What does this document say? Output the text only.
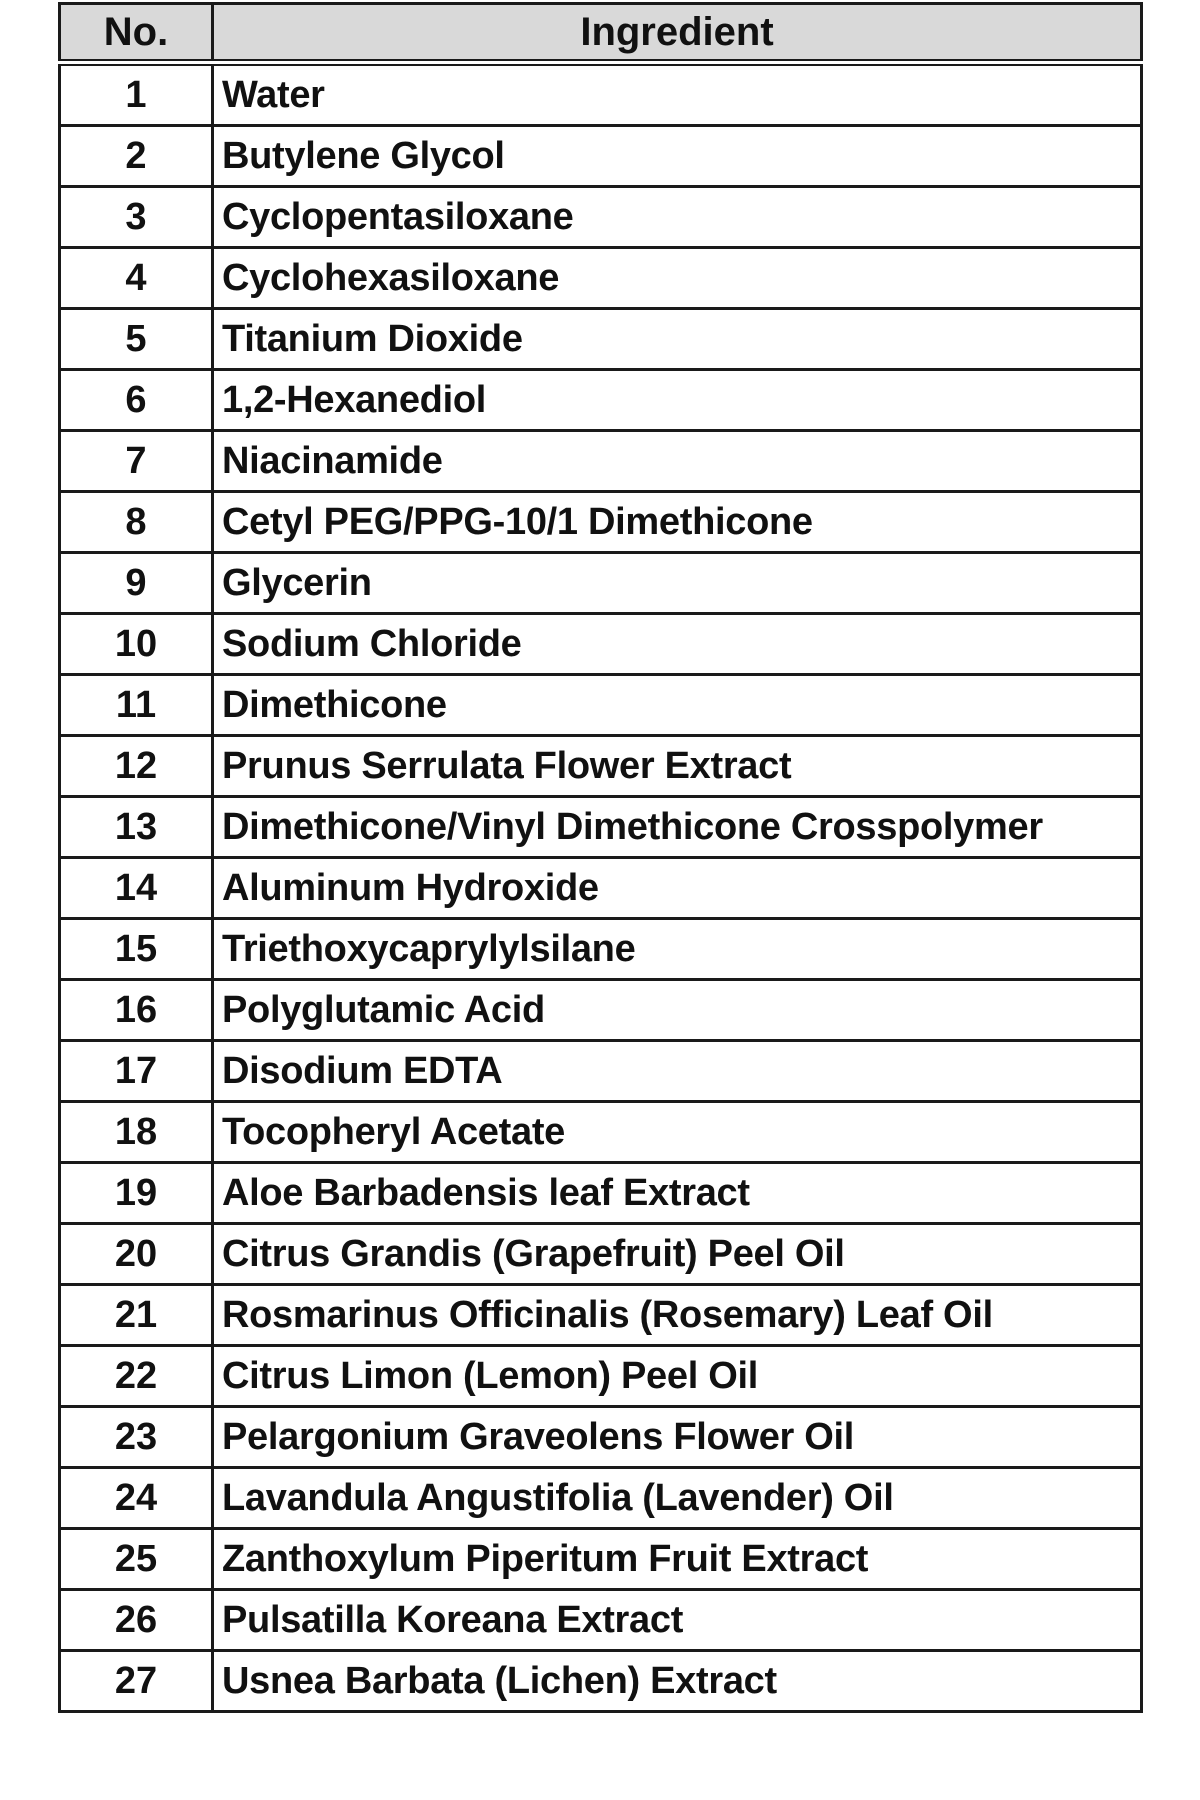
No.	Ingredient
1	Water
2	Butylene Glycol
3	Cyclopentasiloxane
4	Cyclohexasiloxane
5	Titanium Dioxide
6	1,2-Hexanediol
7	Niacinamide
8	Cetyl PEG/PPG-10/1 Dimethicone
9	Glycerin
10	Sodium Chloride
11	Dimethicone
12	Prunus Serrulata Flower Extract
13	Dimethicone/Vinyl Dimethicone Crosspolymer
14	Aluminum Hydroxide
15	Triethoxycaprylylsilane
16	Polyglutamic Acid
17	Disodium EDTA
18	Tocopheryl Acetate
19	Aloe Barbadensis leaf Extract
20	Citrus Grandis (Grapefruit) Peel Oil
21	Rosmarinus Officinalis (Rosemary) Leaf Oil
22	Citrus Limon (Lemon) Peel Oil
23	Pelargonium Graveolens Flower Oil
24	Lavandula Angustifolia (Lavender) Oil
25	Zanthoxylum Piperitum Fruit Extract
26	Pulsatilla Koreana Extract
27	Usnea Barbata (Lichen) Extract
